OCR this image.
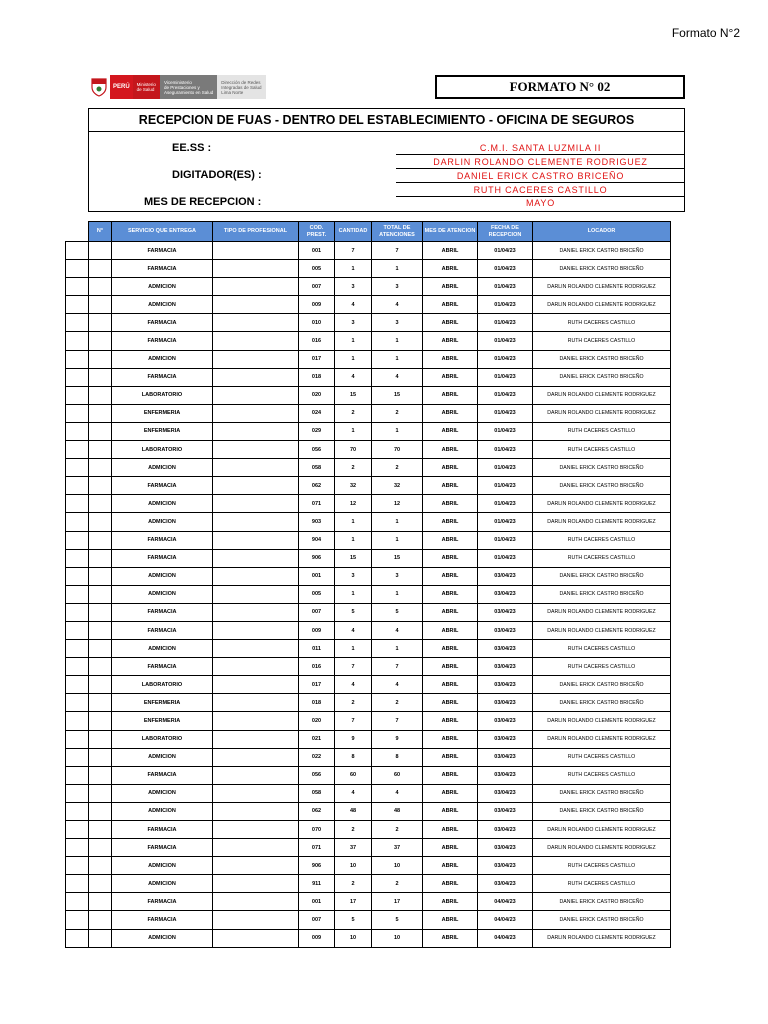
Formato N°2
PERÚ	Ministerio
de Salud
Viceministerio
de Prestaciones y
Aseguramiento en Salud
Dirección de Redes
Integradas de Salud
Lima Norte	FORMATO N° 02
RECEPCION DE FUAS - DENTRO DEL ESTABLECIMIENTO - OFICINA DE SEGUROS
EE.SS :	C.M.I. SANTA LUZMILA II
DIGITADOR(ES) :
DARLIN ROLANDO CLEMENTE RODRIGUEZ
DANIEL ERICK CASTRO BRICEÑO
RUTH CACERES CASTILLO
MES DE RECEPCION :	MAYO
	N°	SERVICIO QUE ENTREGA	TIPO DE PROFESIONAL	COD. PREST.	CANTIDAD	TOTAL DE ATENCIONES	MES DE ATENCION	FECHA DE RECEPCION	LOCADOR
		FARMACIA		001	7	7	ABRIL	01/04/23	DANIEL ERICK CASTRO BRICEÑO
		FARMACIA		005	1	1	ABRIL	01/04/23	DANIEL ERICK CASTRO BRICEÑO
		ADMICION		007	3	3	ABRIL	01/04/23	DARLIN ROLANDO CLEMENTE RODRIGUEZ
		ADMICION		009	4	4	ABRIL	01/04/23	DARLIN ROLANDO CLEMENTE RODRIGUEZ
		FARMACIA		010	3	3	ABRIL	01/04/23	RUTH CACERES CASTILLO
		FARMACIA		016	1	1	ABRIL	01/04/23	RUTH CACERES CASTILLO
		ADMICION		017	1	1	ABRIL	01/04/23	DANIEL ERICK CASTRO BRICEÑO
		FARMACIA		018	4	4	ABRIL	01/04/23	DANIEL ERICK CASTRO BRICEÑO
		LABORATORIO		020	15	15	ABRIL	01/04/23	DARLIN ROLANDO CLEMENTE RODRIGUEZ
		ENFERMERIA		024	2	2	ABRIL	01/04/23	DARLIN ROLANDO CLEMENTE RODRIGUEZ
		ENFERMERIA		029	1	1	ABRIL	01/04/23	RUTH CACERES CASTILLO
		LABORATORIO		056	70	70	ABRIL	01/04/23	RUTH CACERES CASTILLO
		ADMICION		058	2	2	ABRIL	01/04/23	DANIEL ERICK CASTRO BRICEÑO
		FARMACIA		062	32	32	ABRIL	01/04/23	DANIEL ERICK CASTRO BRICEÑO
		ADMICION		071	12	12	ABRIL	01/04/23	DARLIN ROLANDO CLEMENTE RODRIGUEZ
		ADMICION		903	1	1	ABRIL	01/04/23	DARLIN ROLANDO CLEMENTE RODRIGUEZ
		FARMACIA		904	1	1	ABRIL	01/04/23	RUTH CACERES CASTILLO
		FARMACIA		906	15	15	ABRIL	01/04/23	RUTH CACERES CASTILLO
		ADMICION		001	3	3	ABRIL	03/04/23	DANIEL ERICK CASTRO BRICEÑO
		ADMICION		005	1	1	ABRIL	03/04/23	DANIEL ERICK CASTRO BRICEÑO
		FARMACIA		007	5	5	ABRIL	03/04/23	DARLIN ROLANDO CLEMENTE RODRIGUEZ
		FARMACIA		009	4	4	ABRIL	03/04/23	DARLIN ROLANDO CLEMENTE RODRIGUEZ
		ADMICION		011	1	1	ABRIL	03/04/23	RUTH CACERES CASTILLO
		FARMACIA		016	7	7	ABRIL	03/04/23	RUTH CACERES CASTILLO
		LABORATORIO		017	4	4	ABRIL	03/04/23	DANIEL ERICK CASTRO BRICEÑO
		ENFERMERIA		018	2	2	ABRIL	03/04/23	DANIEL ERICK CASTRO BRICEÑO
		ENFERMERIA		020	7	7	ABRIL	03/04/23	DARLIN ROLANDO CLEMENTE RODRIGUEZ
		LABORATORIO		021	9	9	ABRIL	03/04/23	DARLIN ROLANDO CLEMENTE RODRIGUEZ
		ADMICION		022	8	8	ABRIL	03/04/23	RUTH CACERES CASTILLO
		FARMACIA		056	60	60	ABRIL	03/04/23	RUTH CACERES CASTILLO
		ADMICION		058	4	4	ABRIL	03/04/23	DANIEL ERICK CASTRO BRICEÑO
		ADMICION		062	48	48	ABRIL	03/04/23	DANIEL ERICK CASTRO BRICEÑO
		FARMACIA		070	2	2	ABRIL	03/04/23	DARLIN ROLANDO CLEMENTE RODRIGUEZ
		FARMACIA		071	37	37	ABRIL	03/04/23	DARLIN ROLANDO CLEMENTE RODRIGUEZ
		ADMICION		906	10	10	ABRIL	03/04/23	RUTH CACERES CASTILLO
		ADMICION		911	2	2	ABRIL	03/04/23	RUTH CACERES CASTILLO
		FARMACIA		001	17	17	ABRIL	04/04/23	DANIEL ERICK CASTRO BRICEÑO
		FARMACIA		007	5	5	ABRIL	04/04/23	DANIEL ERICK CASTRO BRICEÑO
		ADMICION		009	10	10	ABRIL	04/04/23	DARLIN ROLANDO CLEMENTE RODRIGUEZ
